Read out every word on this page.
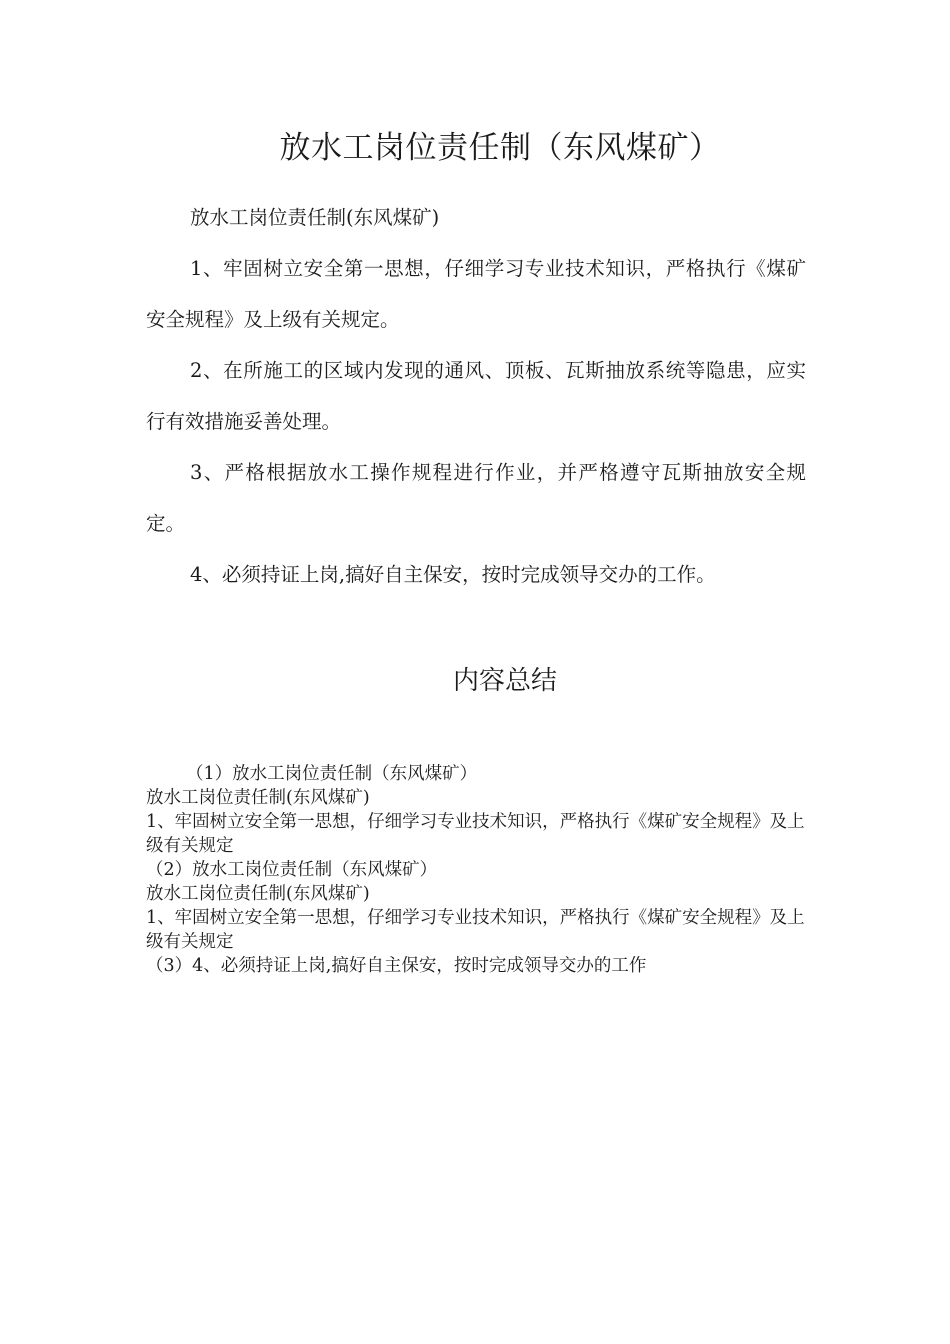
放水工岗位责任制（东风煤矿）

放水工岗位责任制(东风煤矿)

1、牢固树立安全第一思想，仔细学习专业技术知识，严格执行《煤矿安全规程》及上级有关规定。

2、在所施工的区域内发现的通风、顶板、瓦斯抽放系统等隐患，应实行有效措施妥善处理。

3、严格根据放水工操作规程进行作业，并严格遵守瓦斯抽放安全规定。

4、必须持证上岗,搞好自主保安，按时完成领导交办的工作。

内容总结

（1）放水工岗位责任制（东风煤矿）

放水工岗位责任制(东风煤矿)

1、牢固树立安全第一思想，仔细学习专业技术知识，严格执行《煤矿安全规程》及上级有关规定

（2）放水工岗位责任制（东风煤矿）

放水工岗位责任制(东风煤矿)

1、牢固树立安全第一思想，仔细学习专业技术知识，严格执行《煤矿安全规程》及上级有关规定

（3）4、必须持证上岗,搞好自主保安，按时完成领导交办的工作
